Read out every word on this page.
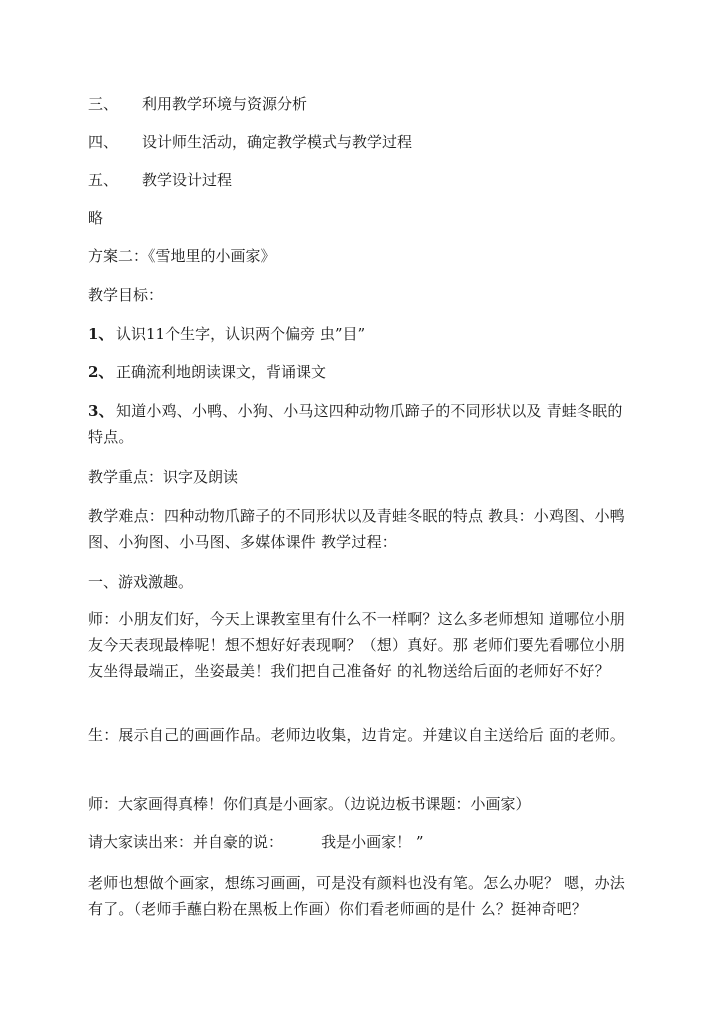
三、 利用教学环境与资源分析
四、 设计师生活动，确定教学模式与教学过程
五、 教学设计过程
略
方案二：《雪地里的小画家》
教学目标：
1、 认识11个生字，认识两个偏旁 虫”目”
2、 正确流利地朗读课文，背诵课文
3、 知道小鸡、小鸭、小狗、小马这四种动物爪蹄子的不同形状以及 青蛙冬眠的特点。
教学重点：识字及朗读
教学难点：四种动物爪蹄子的不同形状以及青蛙冬眠的特点 教具：小鸡图、小鸭图、小狗图、小马图、多媒体课件 教学过程：
一、游戏激趣。
师：小朋友们好，今天上课教室里有什么不一样啊？这么多老师想知 道哪位小朋友今天表现最棒呢！想不想好好表现啊？（想）真好。那 老师们要先看哪位小朋友坐得最端正，坐姿最美！我们把自己准备好 的礼物送给后面的老师好不好？
生：展示自己的画画作品。老师边收集，边肯定。并建议自主送给后 面的老师。
师：大家画得真棒！你们真是小画家。（边说边板书课题：小画家）
请大家读出来：并自豪的说：        我是小画家！ ”
老师也想做个画家，想练习画画，可是没有颜料也没有笔。怎么办呢？ 嗯，办法有了。（老师手蘸白粉在黑板上作画）你们看老师画的是什 么？挺神奇吧？
